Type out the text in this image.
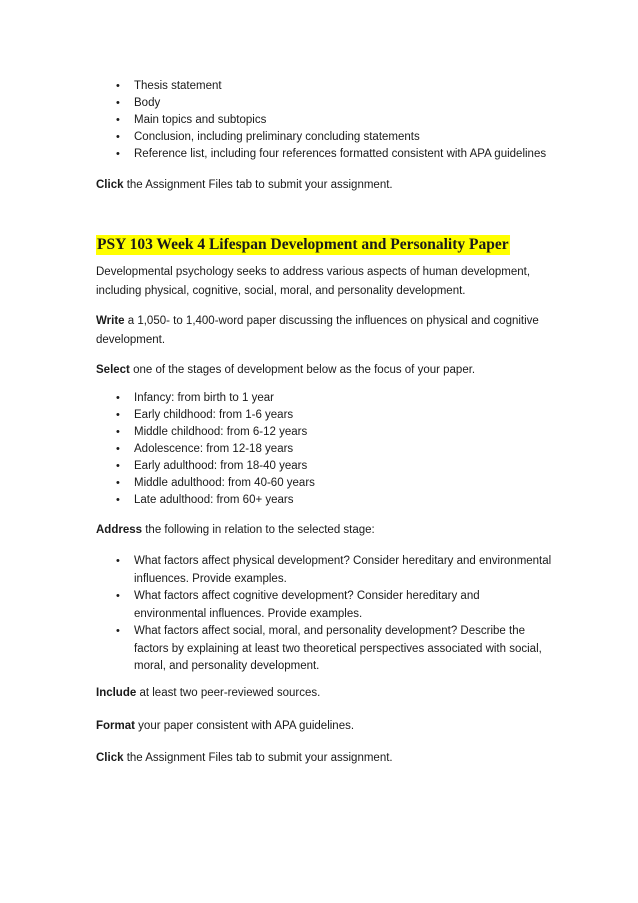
• Thesis statement
• Body
• Main topics and subtopics
• Conclusion, including preliminary concluding statements
• Reference list, including four references formatted consistent with APA guidelines

Click the Assignment Files tab to submit your assignment.

PSY 103 Week 4 Lifespan Development and Personality Paper

Developmental psychology seeks to address various aspects of human development, including physical, cognitive, social, moral, and personality development.

Write a 1,050- to 1,400-word paper discussing the influences on physical and cognitive development.

Select one of the stages of development below as the focus of your paper.

• Infancy: from birth to 1 year
• Early childhood: from 1-6 years
• Middle childhood: from 6-12 years
• Adolescence: from 12-18 years
• Early adulthood: from 18-40 years
• Middle adulthood: from 40-60 years
• Late adulthood: from 60+ years

Address the following in relation to the selected stage:

• What factors affect physical development? Consider hereditary and environmental influences. Provide examples.
• What factors affect cognitive development? Consider hereditary and environmental influences. Provide examples.
• What factors affect social, moral, and personality development? Describe the factors by explaining at least two theoretical perspectives associated with social, moral, and personality development.

Include at least two peer-reviewed sources.

Format your paper consistent with APA guidelines.

Click the Assignment Files tab to submit your assignment.
